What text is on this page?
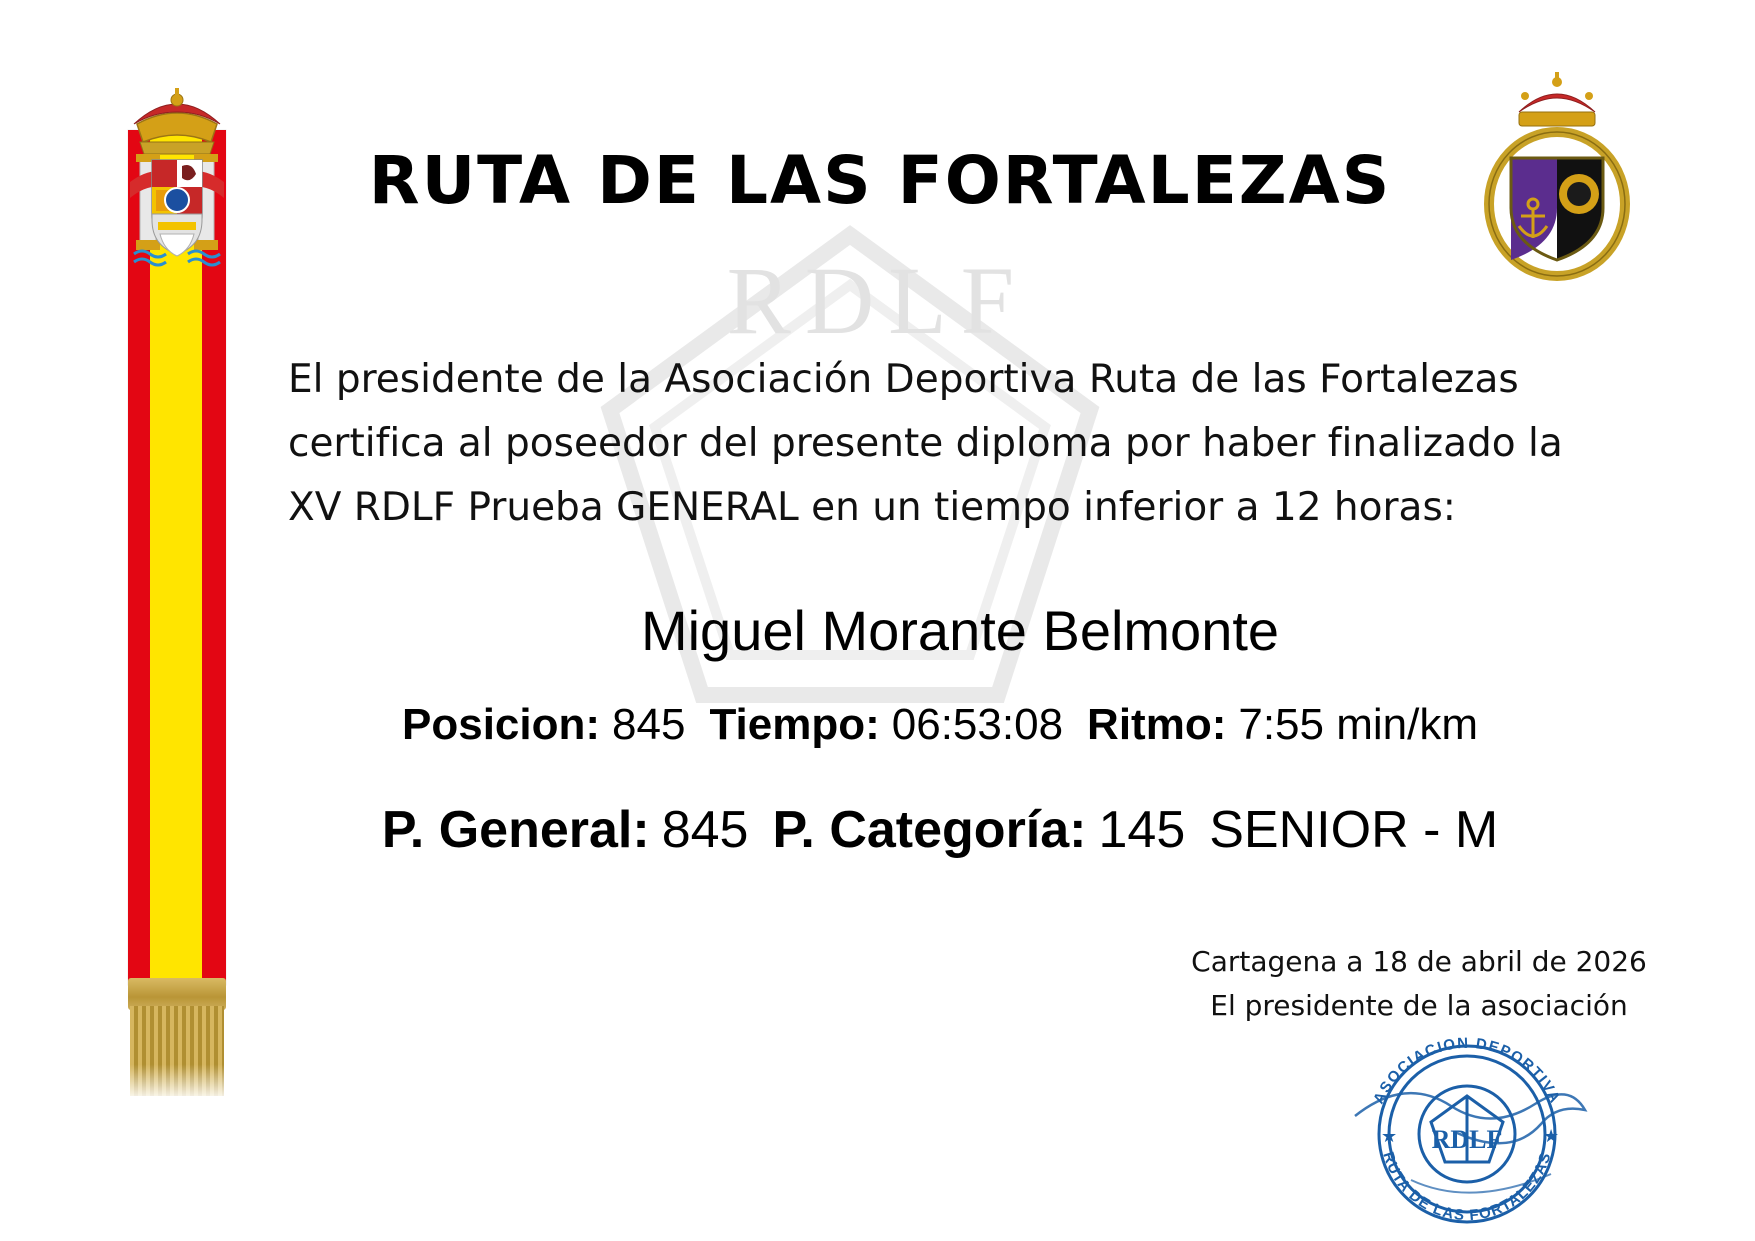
RDLF
RUTA DE LAS FORTALEZAS
El presidente de la Asociación Deportiva Ruta de las Fortalezas
certifica al poseedor del presente diploma por haber finalizado la
XV RDLF Prueba GENERAL en un tiempo inferior a 12 horas:
Miguel Morante Belmonte
Posicion: 845 Tiempo: 06:53:08 Ritmo: 7:55 min/km
P. General: 845 P. Categoría: 145 SENIOR - M
Cartagena a 18 de abril de 2026
El presidente de la asociación
RDLF
ASOCIACION DEPORTIVA
RUTA DE LAS FORTALEZAS
★	★
